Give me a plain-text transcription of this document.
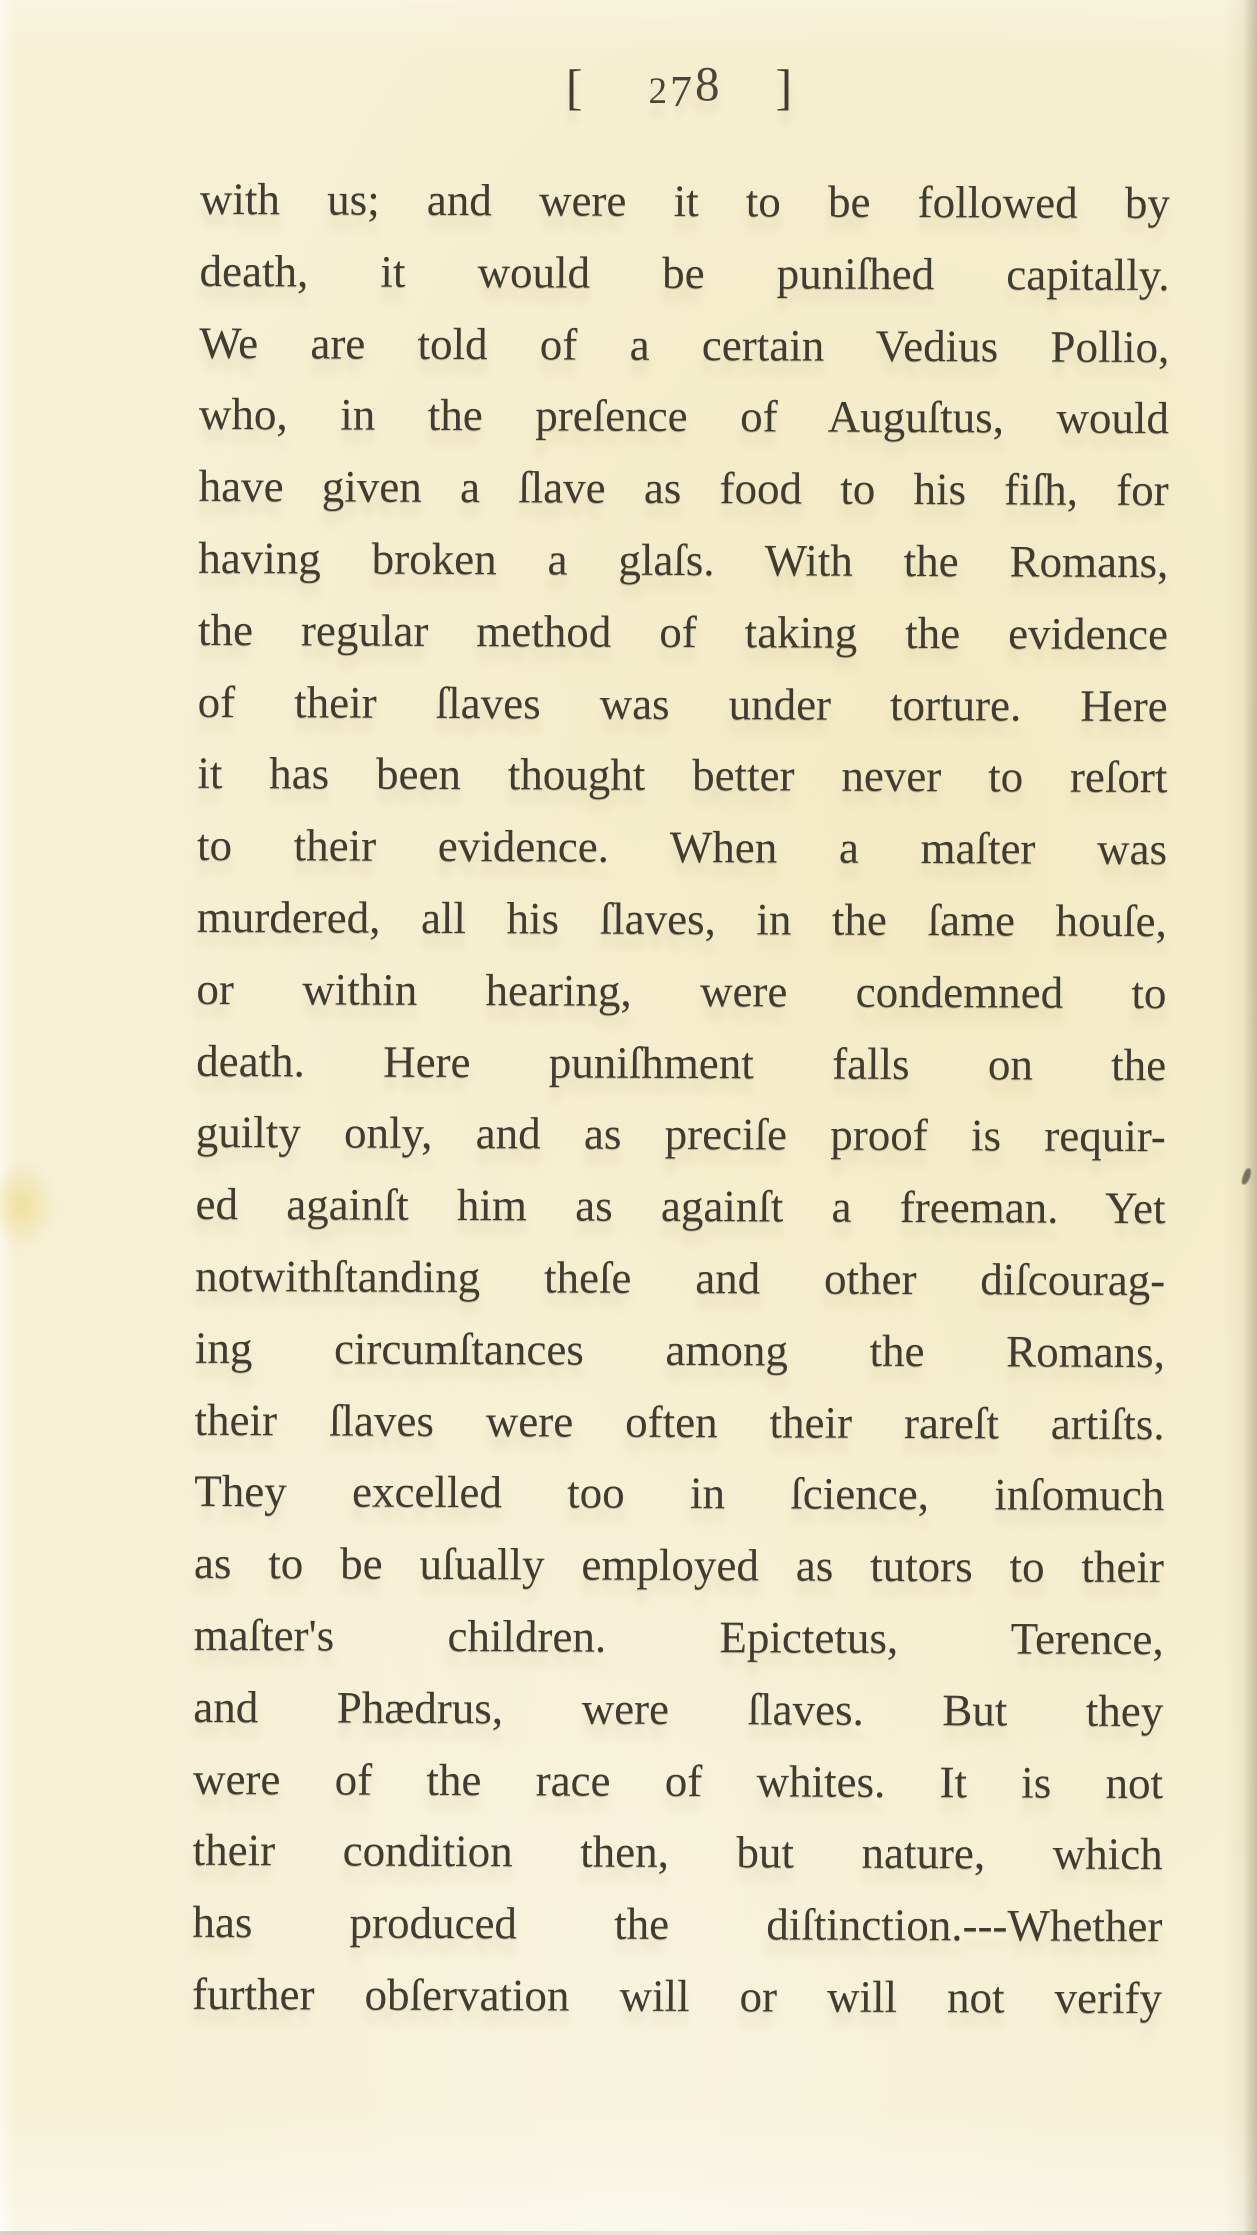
[ 278 ]
with us; and were it to be followed by
death, it would be puniſhed capitally.
We are told of a certain Vedius Pollio,
who, in the preſence of Auguſtus, would
have given a ſlave as food to his fiſh, for
having broken a glaſs. With the Romans,
the regular method of taking the evidence
of their ſlaves was under torture. Here
it has been thought better never to reſort
to their evidence. When a maſter was
murdered, all his ſlaves, in the ſame houſe,
or within hearing, were condemned to
death. Here puniſhment falls on the
guilty only, and as preciſe proof is requir-
ed againſt him as againſt a freeman. Yet
notwithſtanding theſe and other diſcourag-
ing circumſtances among the Romans,
their ſlaves were often their rareſt artiſts.
They excelled too in ſcience, inſomuch
as to be uſually employed as tutors to their
maſter's children. Epictetus, Terence,
and Phædrus, were ſlaves. But they
were of the race of whites. It is not
their condition then, but nature, which
has produced the diſtinction.---Whether
further obſervation will or will not verify
